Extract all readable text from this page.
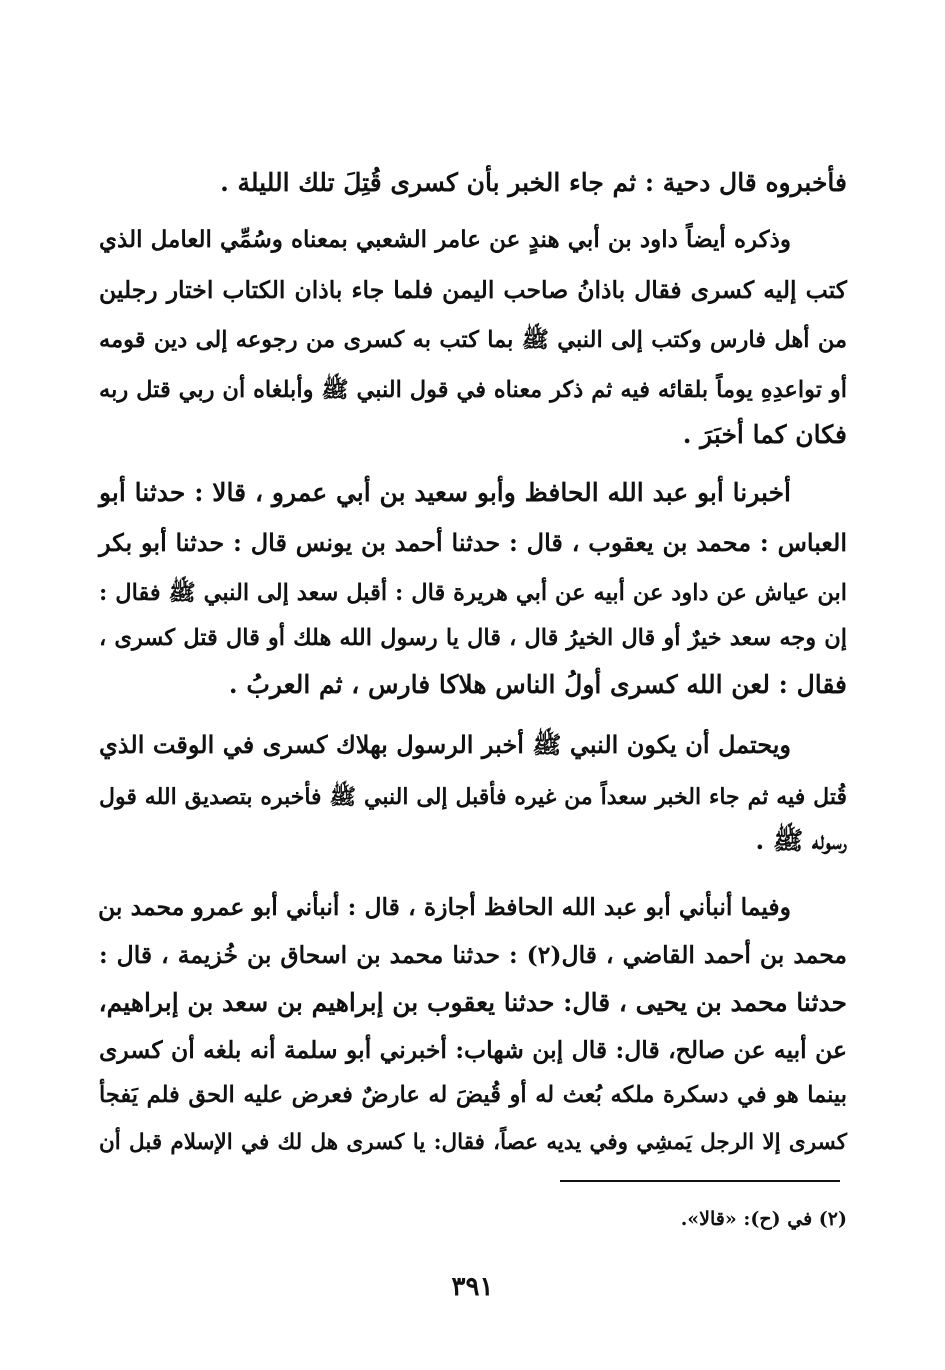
فأخبروه قال دحية : ثم جاء الخبر بأن كسرى قُتِلَ تلك الليلة .
وذكره أيضاً داود بن أبي هندٍ عن عامر الشعبي بمعناه وسُمِّي العامل الذي
كتب إليه كسرى فقال باذانُ صاحب اليمن فلما جاء باذان الكتاب اختار رجلين
من أهل فارس وكتب إلى النبي ﷺ بما كتب به كسرى من رجوعه إلى دين قومه
أو تواعدِهِ يوماً بلقائه فيه ثم ذكر معناه في قول النبي ﷺ وأبلغاه أن ربي قتل ربه
فكان كما أخبَرَ .
أخبرنا أبو عبد الله الحافظ وأبو سعيد بن أبي عمرو ، قالا : حدثنا أبو
العباس : محمد بن يعقوب ، قال : حدثنا أحمد بن يونس قال : حدثنا أبو بكر
ابن عياش عن داود عن أبيه عن أبي هريرة قال : أقبل سعد إلى النبي ﷺ فقال :
إن وجه سعد خيرٌ أو قال الخيرُ قال ، قال يا رسول الله هلك أو قال قتل كسرى ،
فقال : لعن الله كسرى أولُ الناس هلاكا فارس ، ثم العربُ .
ويحتمل أن يكون النبي ﷺ أخبر الرسول بهلاك كسرى في الوقت الذي
قُتل فيه ثم جاء الخبر سعداً من غيره فأقبل إلى النبي ﷺ فأخبره بتصديق الله قول
رسوله ﷺ .
وفيما أنبأني أبو عبد الله الحافظ أجازة ، قال : أنبأني أبو عمرو محمد بن
محمد بن أحمد القاضي ، قال(٢) : حدثنا محمد بن اسحاق بن خُزيمة ، قال :
حدثنا محمد بن يحيى ، قال: حدثنا يعقوب بن إبراهيم بن سعد بن إبراهيم،
عن أبيه عن صالح، قال: قال إبن شهاب: أخبرني أبو سلمة أنه بلغه أن كسرى
بينما هو في دسكرة ملكه بُعث له أو قُيضَ له عارضٌ فعرض عليه الحق فلم يَفجأ
كسرى إلا الرجل يَمشِي وفي يديه عصاً، فقال: يا كسرى هل لك في الإسلام قبل أن
(٢) في (ح): «قالا».
٣٩١
